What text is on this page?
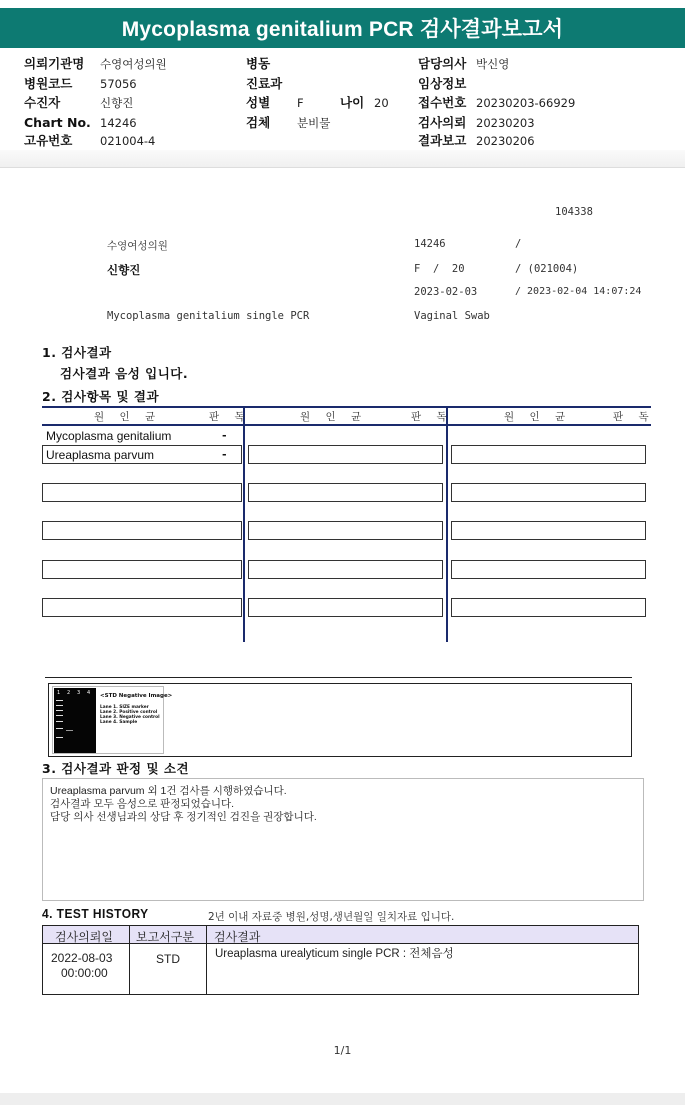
Mycoplasma genitalium PCR 검사결과보고서
의뢰기관명 수영여성의원
병원코드 57056
수진자	신향진
Chart No. 14246
고유번호 021004-4
병동
진료과
성별 F	나이 20
검체 분비물
담당의사 박신영
임상정보
접수번호 20230203-66929
검사의뢰 20230203
결과보고 20230206
104338
수영여성의원	14246	/
신향진	F  /  20	/ (021004)
2023-02-03	/ 2023-02-04 14:07:24
Mycoplasma genitalium single PCR	Vaginal Swab
1. 검사결과
검사결과 음성 입니다.
2. 검사항목 및 결과
원 인 균	판 독	원 인 균	판 독	원 인 균	판 독
Mycoplasma genitalium	-
Ureaplasma parvum	-
1 2 3 4 <STD Negative Image>
Lane 1. SIZE marker
Lane 2. Positive control
Lane 3. Negative control
Lane 4. Sample
3. 검사결과 판정 및 소견
Ureaplasma parvum 외 1건 검사를 시행하였습니다.
검사결과 모두 음성으로 판정되었습니다.
담당 의사 선생님과의 상담 후 정기적인 검진을 권장합니다.
4. TEST HISTORY	2년 이내 자료중 병원,성명,생년월일 일치자료 입니다.
검사의뢰일 보고서구분 검사결과
2022-08-03
00:00:00
STD	Ureaplasma urealyticum single PCR : 전체음성
1/1
